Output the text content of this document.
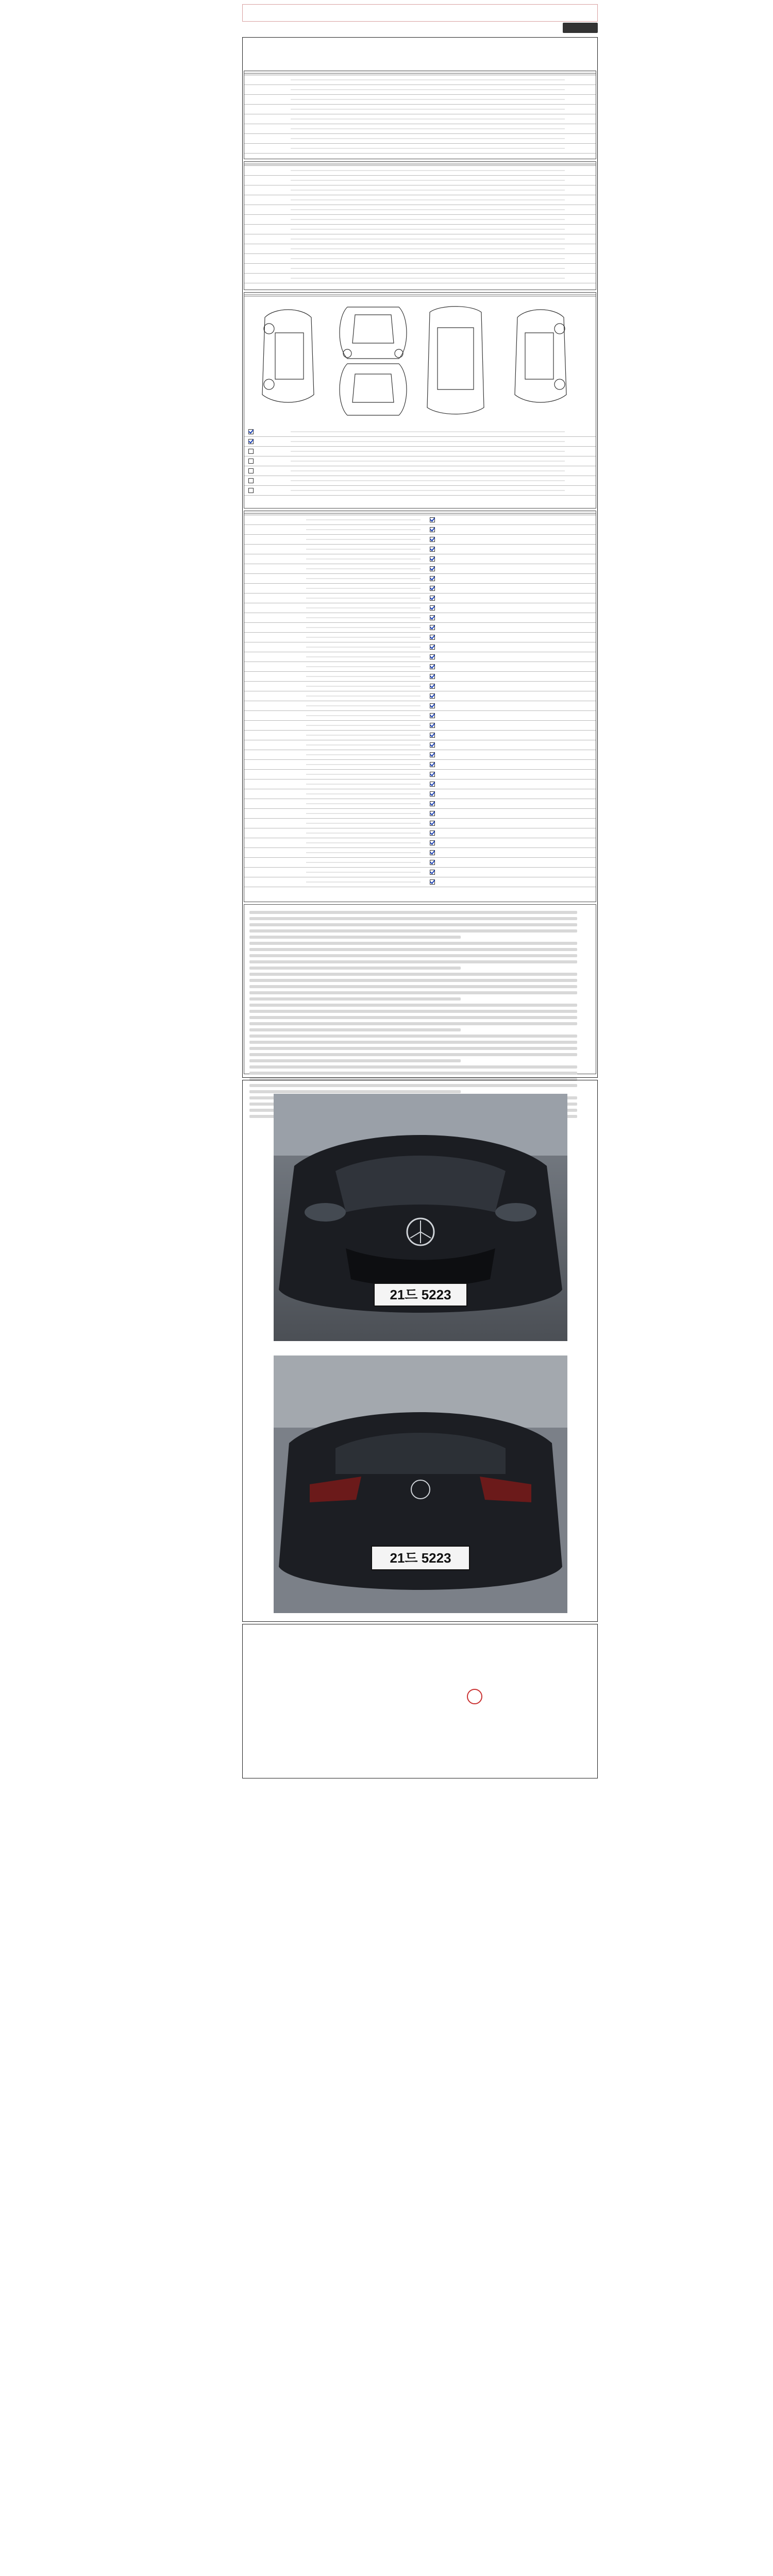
21드 5223
21드 5223
